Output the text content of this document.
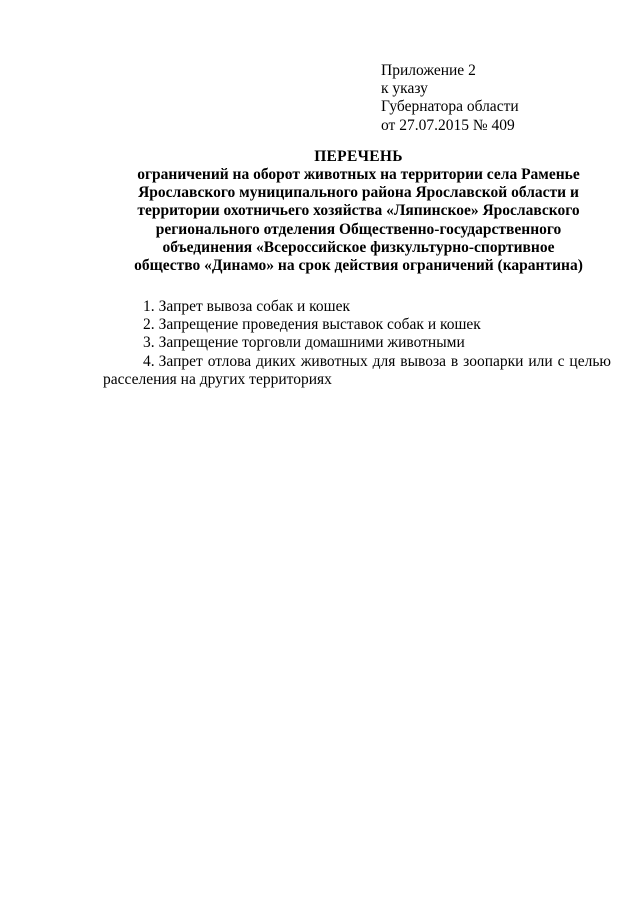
Приложение 2
к указу
Губернатора области
от 27.07.2015 № 409
ПЕРЕЧЕНЬ
ограничений на оборот животных на территории села Раменье
Ярославского муниципального района Ярославской области и
территории охотничьего хозяйства «Ляпинское» Ярославского
регионального отделения Общественно-государственного
объединения «Всероссийское физкультурно-спортивное
общество «Динамо» на срок действия ограничений (карантина)
1. Запрет вывоза собак и кошек
2. Запрещение проведения выставок собак и кошек
3. Запрещение торговли домашними животными
4. Запрет отлова диких животных для вывоза в зоопарки или с целью
расселения на других территориях
